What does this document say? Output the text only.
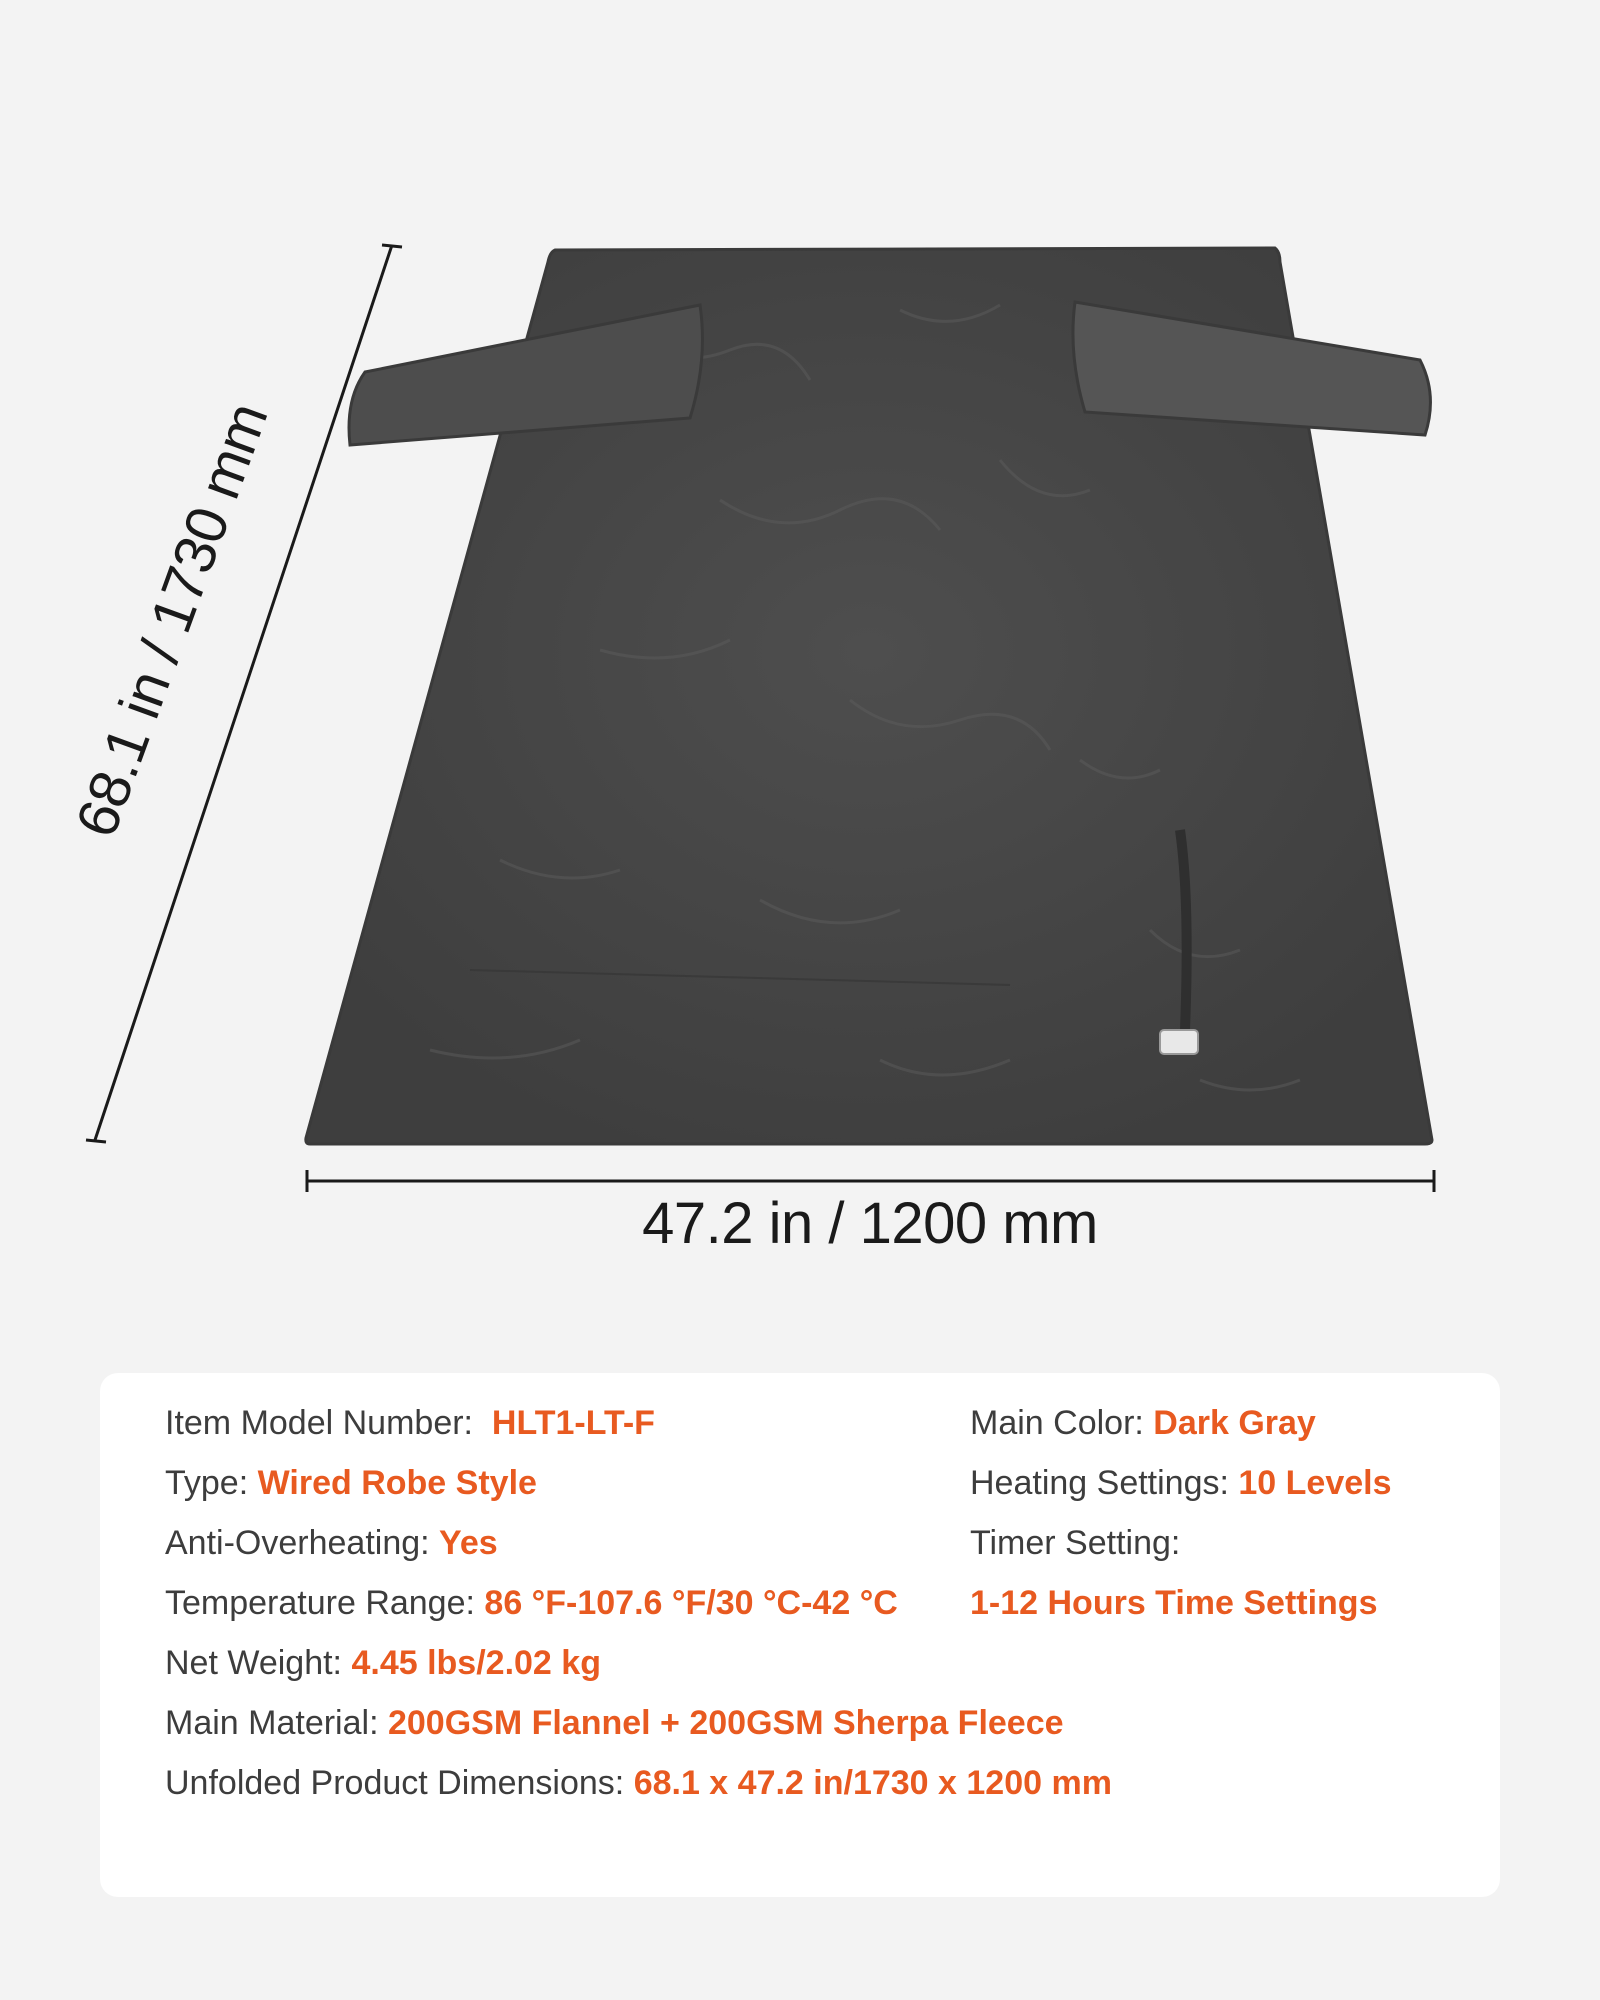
47.2 in / 1200 mm
68.1 in / 1730 mm
Item Model Number: HLT1-LT-F
Type: Wired Robe Style
Anti-Overheating: Yes
Temperature Range: 86 °F-107.6 °F/30 °C-42 °C
Net Weight: 4.45 lbs/2.02 kg
Main Material: 200GSM Flannel + 200GSM Sherpa Fleece
Unfolded Product Dimensions: 68.1 x 47.2 in/1730 x 1200 mm
Main Color: Dark Gray
Heating Settings: 10 Levels
Timer Setting:
1-12 Hours Time Settings
